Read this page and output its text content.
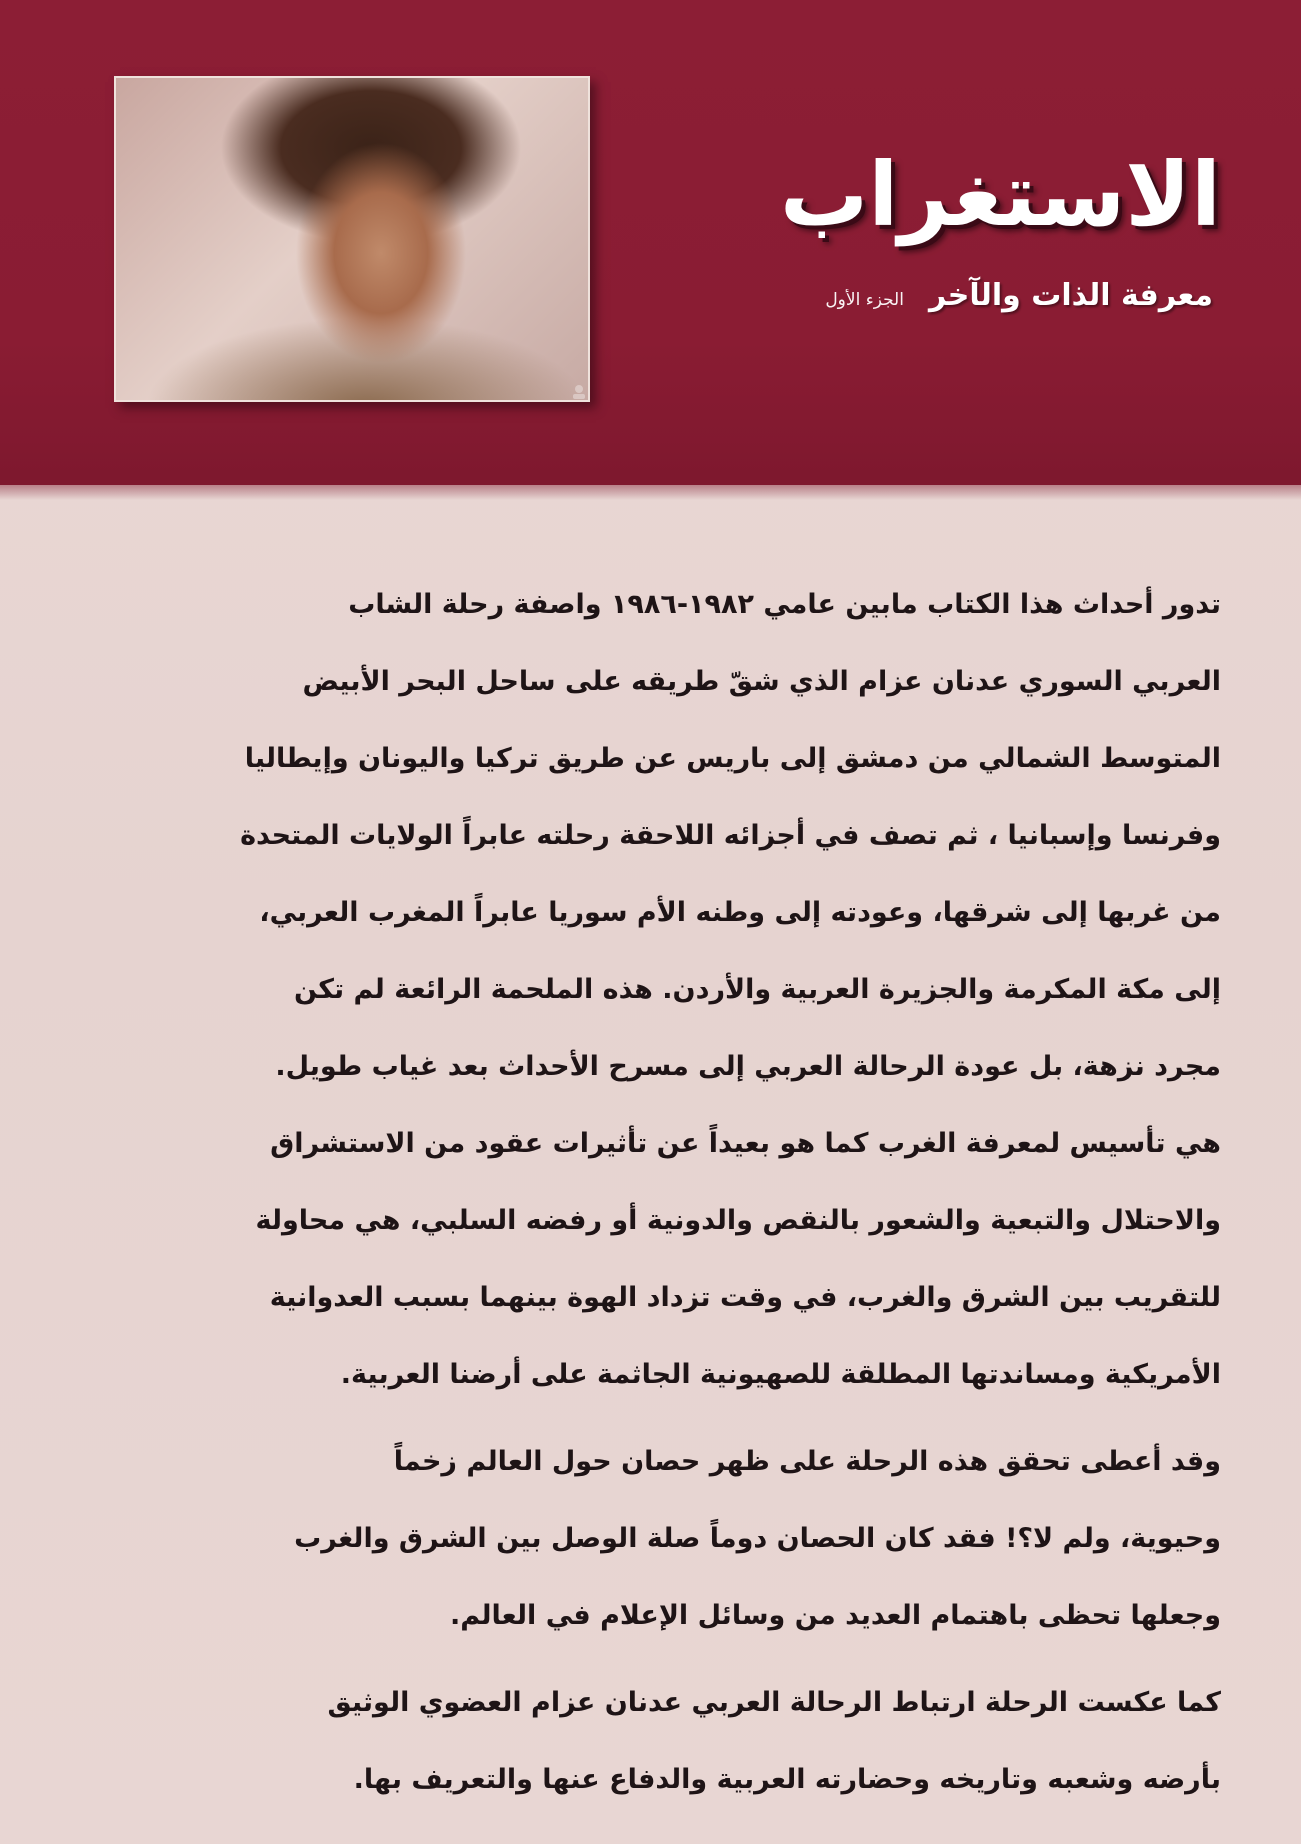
الاستغراب
معرفة الذات والآخر الجزء الأول
تدور أحداث هذا الكتاب مابين عامي ١٩٨٢-١٩٨٦ واصفة رحلة الشاب
العربي السوري عدنان عزام الذي شقّ طريقه على ساحل البحر الأبيض
المتوسط الشمالي من دمشق إلى باريس عن طريق تركيا واليونان وإيطاليا
وفرنسا وإسبانيا ، ثم تصف في أجزائه اللاحقة رحلته عابراً الولايات المتحدة
من غربها إلى شرقها، وعودته إلى وطنه الأم سوريا عابراً المغرب العربي،
إلى مكة المكرمة والجزيرة العربية والأردن. هذه الملحمة الرائعة لم تكن
مجرد نزهة، بل عودة الرحالة العربي إلى مسرح الأحداث بعد غياب طويل.
هي تأسيس لمعرفة الغرب كما هو بعيداً عن تأثيرات عقود من الاستشراق
والاحتلال والتبعية والشعور بالنقص والدونية أو رفضه السلبي، هي محاولة
للتقريب بين الشرق والغرب، في وقت تزداد الهوة بينهما بسبب العدوانية
الأمريكية ومساندتها المطلقة للصهيونية الجاثمة على أرضنا العربية.
وقد أعطى تحقق هذه الرحلة على ظهر حصان حول العالم زخماً
وحيوية، ولم لا؟! فقد كان الحصان دوماً صلة الوصل بين الشرق والغرب
وجعلها تحظى باهتمام العديد من وسائل الإعلام في العالم.
كما عكست الرحلة ارتباط الرحالة العربي عدنان عزام العضوي الوثيق
بأرضه وشعبه وتاريخه وحضارته العربية والدفاع عنها والتعريف بها.
